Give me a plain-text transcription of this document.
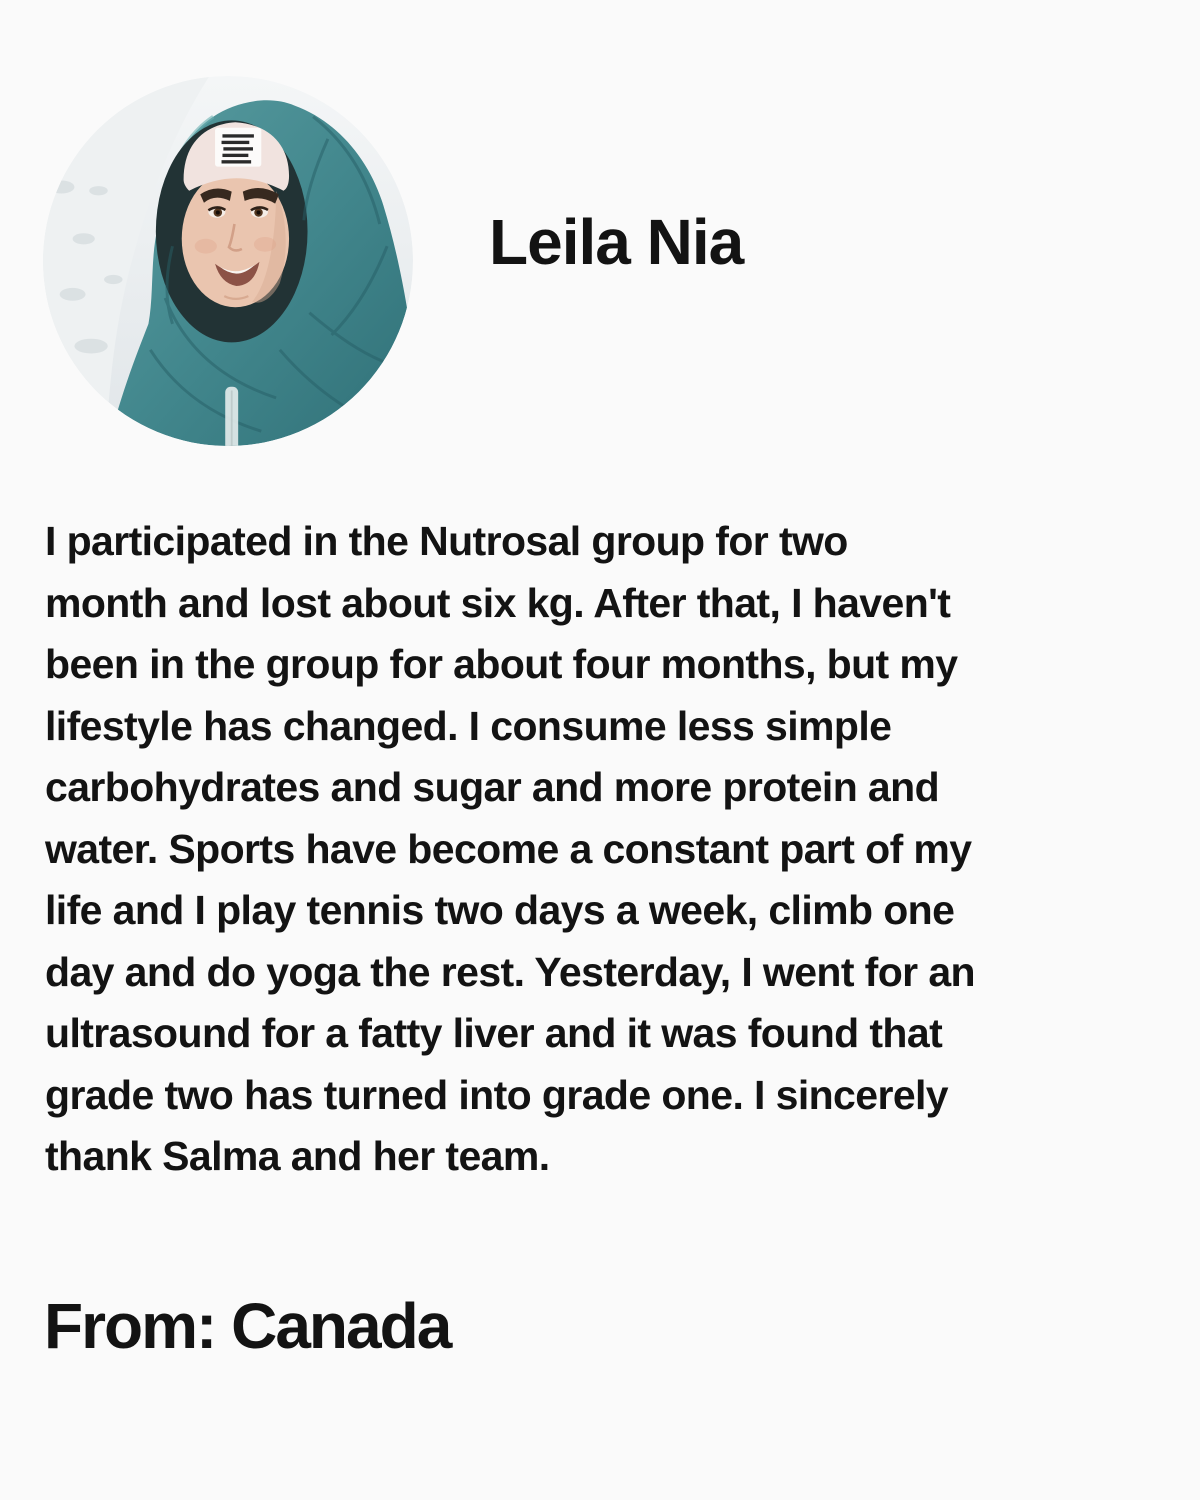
Leila Nia
I participated in the Nutrosal group for two
month and lost about six kg. After that, I haven't
been in the group for about four months, but my
lifestyle has changed. I consume less simple
carbohydrates and sugar and more protein and
water. Sports have become a constant part of my
life and I play tennis two days a week, climb one
day and do yoga the rest. Yesterday, I went for an
ultrasound for a fatty liver and it was found that
grade two has turned into grade one. I sincerely
thank Salma and her team.
From: Canada
